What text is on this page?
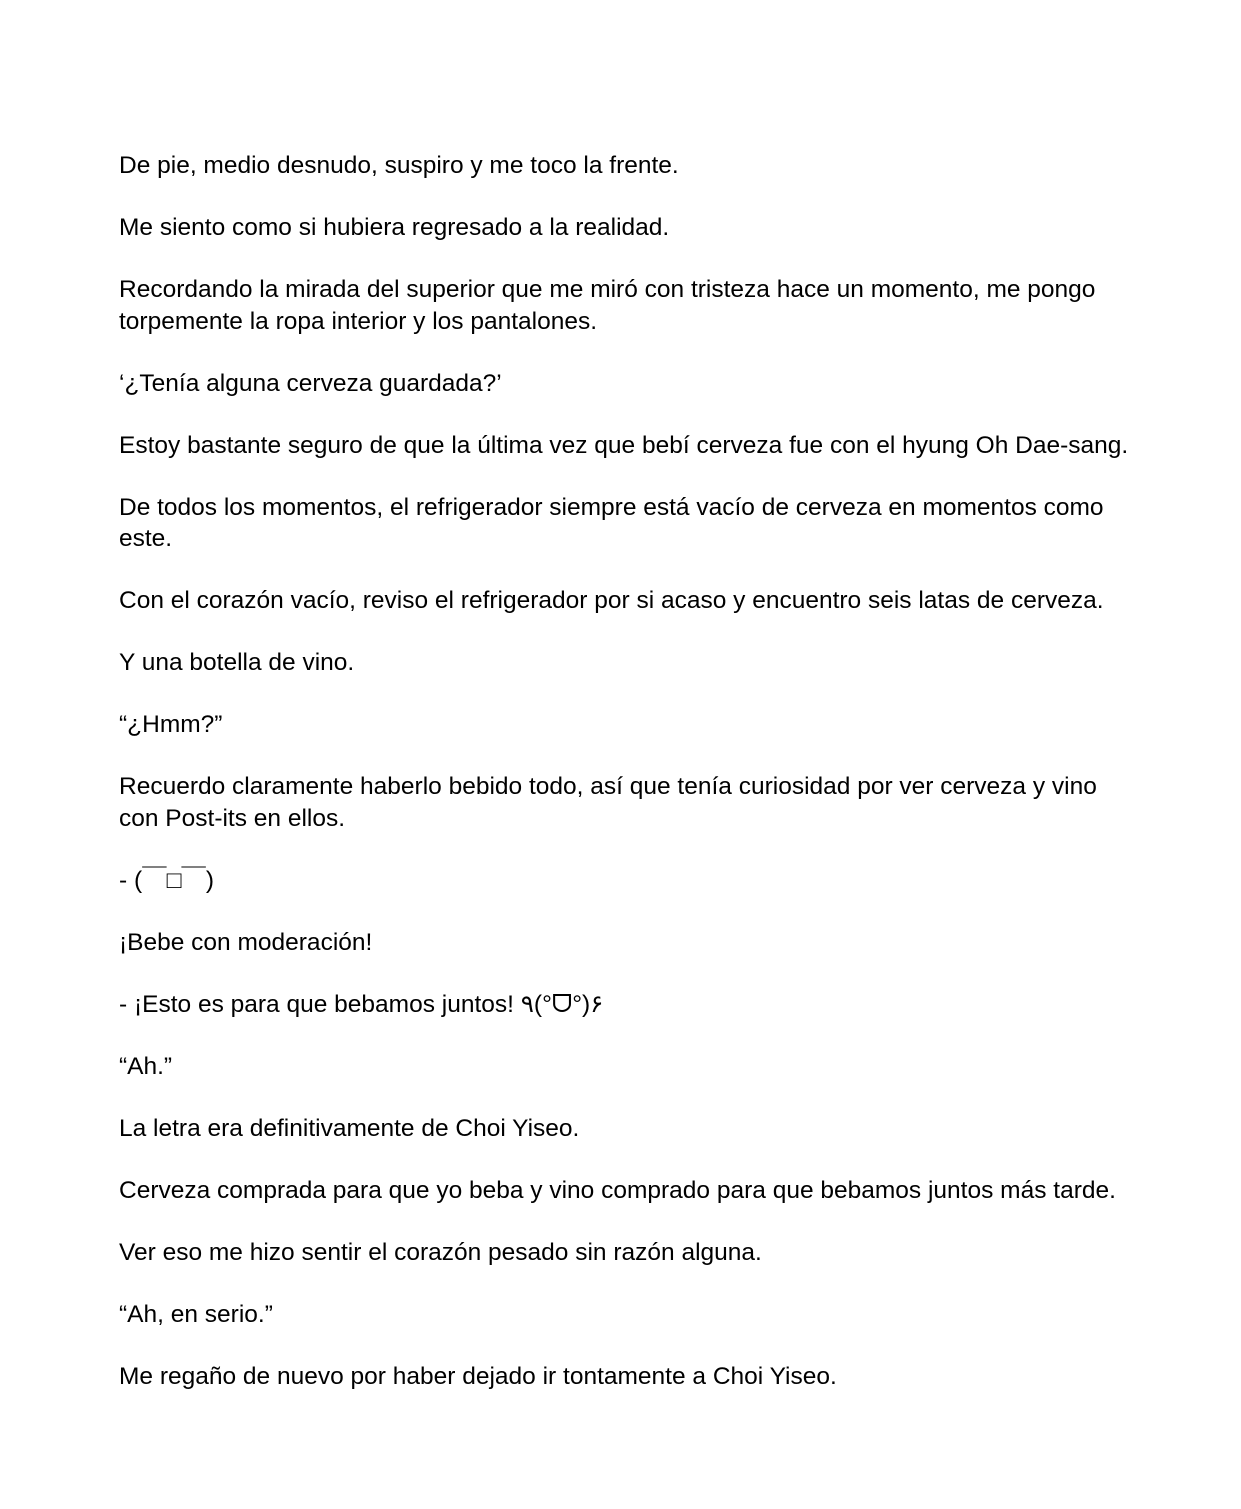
De pie, medio desnudo, suspiro y me toco la frente.

Me siento como si hubiera regresado a la realidad.

Recordando la mirada del superior que me miró con tristeza hace un momento, me pongo torpemente la ropa interior y los pantalones.

‘¿Tenía alguna cerveza guardada?’

Estoy bastante seguro de que la última vez que bebí cerveza fue con el hyung Oh Dae-sang.

De todos los momentos, el refrigerador siempre está vacío de cerveza en momentos como este.

Con el corazón vacío, reviso el refrigerador por si acaso y encuentro seis latas de cerveza.

Y una botella de vino.

“¿Hmm?”

Recuerdo claramente haberlo bebido todo, así que tenía curiosidad por ver cerveza y vino con Post-its en ellos.

- (￣□￣)

¡Bebe con moderación!

- ¡Esto es para que bebamos juntos! ٩(°ᗜ°)۶

“Ah.”

La letra era definitivamente de Choi Yiseo.

Cerveza comprada para que yo beba y vino comprado para que bebamos juntos más tarde.

Ver eso me hizo sentir el corazón pesado sin razón alguna.

“Ah, en serio.”

Me regaño de nuevo por haber dejado ir tontamente a Choi Yiseo.
